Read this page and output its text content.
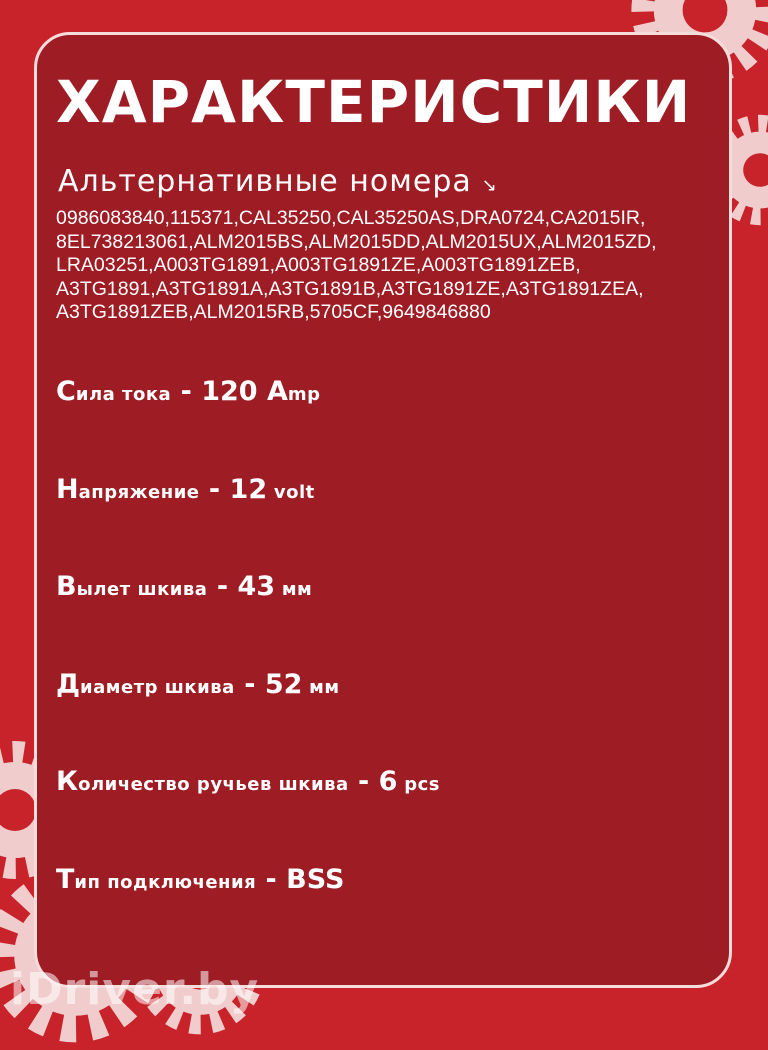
ХАРАКТЕРИСТИКИ
Альтернативные номера ↘
0986083840,115371,CAL35250,CAL35250AS,DRA0724,CA2015IR,
8EL738213061,ALM2015BS,ALM2015DD,ALM2015UX,ALM2015ZD,
LRA03251,A003TG1891,A003TG1891ZE,A003TG1891ZEB,
A3TG1891,A3TG1891A,A3TG1891B,A3TG1891ZE,A3TG1891ZEA,
A3TG1891ZEB,ALM2015RB,5705CF,9649846880
Сила тока - 120 Amp
Напряжение - 12 volt
Вылет шкива - 43 мм
Диаметр шкива - 52 мм
Количество ручьев шкива - 6 pcs
Тип подключения - BSS
iDriver.by
